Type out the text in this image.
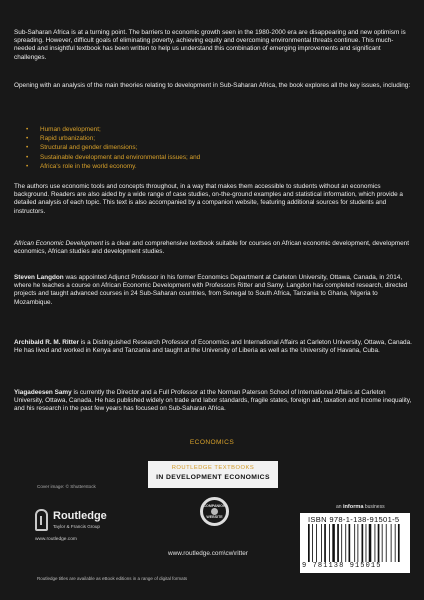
Sub-Saharan Africa is at a turning point. The barriers to economic growth seen in the 1980-2000 era are disappearing and new optimism is spreading. However, difficult goals of eliminating poverty, achieving equity and overcoming environmental threats continue. This much-needed and insightful textbook has been written to help us understand this combination of emerging improvements and significant challenges.

Opening with an analysis of the main theories relating to development in Sub-Saharan Africa, the book explores all the key issues, including:

• Human development;
• Rapid urbanization;
• Structural and gender dimensions;
• Sustainable development and environmental issues; and
• Africa's role in the world economy.

The authors use economic tools and concepts throughout, in a way that makes them accessible to students without an economics background. Readers are also aided by a wide range of case studies, on-the-ground examples and statistical information, which provide a detailed analysis of each topic. This text is also accompanied by a companion website, featuring additional sources for students and instructors.

African Economic Development is a clear and comprehensive textbook suitable for courses on African economic development, development economics, African studies and development studies.

Steven Langdon was appointed Adjunct Professor in his former Economics Department at Carleton University, Ottawa, Canada, in 2014, where he teaches a course on African Economic Development with Professors Ritter and Samy. Langdon has completed research, directed projects and taught advanced courses in 24 Sub-Saharan countries, from Senegal to South Africa, Tanzania to Ghana, Nigeria to Mozambique.

Archibald R. M. Ritter is a Distinguished Research Professor of Economics and International Affairs at Carleton University, Ottawa, Canada. He has lived and worked in Kenya and Tanzania and taught at the University of Liberia as well as the University of Havana, Cuba.

Yiagadeesen Samy is currently the Director and a Full Professor at the Norman Paterson School of International Affairs at Carleton University, Ottawa, Canada. He has published widely on trade and labor standards, fragile states, foreign aid, taxation and income inequality, and his research in the past few years has focused on Sub-Saharan Africa.

ECONOMICS
ROUTLEDGE TEXTBOOKS
IN DEVELOPMENT ECONOMICS
Cover image: © Shutterstock
Routledge
Taylor & Francis Group
www.routledge.com
COMPANION
WEBSITE
www.routledge.com\cw\ritter
an informa business
ISBN 978-1-138-91501-5
9 781138 915015
Routledge titles are available as eBook editions in a range of digital formats
